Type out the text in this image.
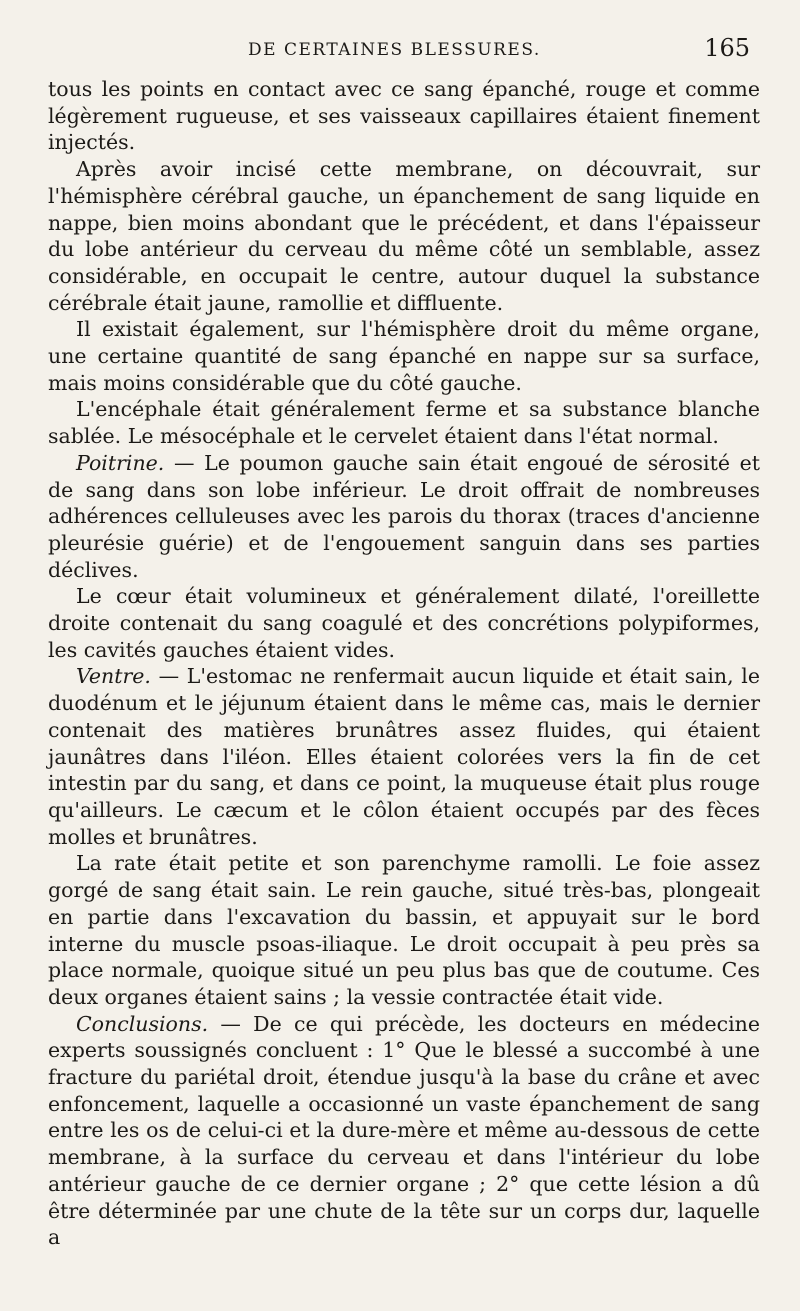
DE CERTAINES BLESSURES.	165

tous les points en contact avec ce sang épanché, rouge et comme légèrement rugueuse, et ses vaisseaux capillaires étaient finement injectés.

Après avoir incisé cette membrane, on découvrait, sur l'hémisphère cérébral gauche, un épanchement de sang liquide en nappe, bien moins abondant que le précédent, et dans l'épaisseur du lobe antérieur du cerveau du même côté un semblable, assez considérable, en occupait le centre, autour duquel la substance cérébrale était jaune, ramollie et diffluente.

Il existait également, sur l'hémisphère droit du même organe, une certaine quantité de sang épanché en nappe sur sa surface, mais moins considérable que du côté gauche.

L'encéphale était généralement ferme et sa substance blanche sablée. Le mésocéphale et le cervelet étaient dans l'état normal.

Poitrine. — Le poumon gauche sain était engoué de sérosité et de sang dans son lobe inférieur. Le droit offrait de nombreuses adhérences celluleuses avec les parois du thorax (traces d'ancienne pleurésie guérie) et de l'engouement sanguin dans ses parties déclives.

Le cœur était volumineux et généralement dilaté, l'oreillette droite contenait du sang coagulé et des concrétions polypiformes, les cavités gauches étaient vides.

Ventre. — L'estomac ne renfermait aucun liquide et était sain, le duodénum et le jéjunum étaient dans le même cas, mais le dernier contenait des matières brunâtres assez fluides, qui étaient jaunâtres dans l'iléon. Elles étaient colorées vers la fin de cet intestin par du sang, et dans ce point, la muqueuse était plus rouge qu'ailleurs. Le cæcum et le côlon étaient occupés par des fèces molles et brunâtres.

La rate était petite et son parenchyme ramolli. Le foie assez gorgé de sang était sain. Le rein gauche, situé très-bas, plongeait en partie dans l'excavation du bassin, et appuyait sur le bord interne du muscle psoas-iliaque. Le droit occupait à peu près sa place normale, quoique situé un peu plus bas que de coutume. Ces deux organes étaient sains ; la vessie contractée était vide.

Conclusions. — De ce qui précède, les docteurs en médecine experts soussignés concluent : 1° Que le blessé a succombé à une fracture du pariétal droit, étendue jusqu'à la base du crâne et avec enfoncement, laquelle a occasionné un vaste épanchement de sang entre les os de celui-ci et la dure-mère et même au-dessous de cette membrane, à la surface du cerveau et dans l'intérieur du lobe antérieur gauche de ce dernier organe ; 2° que cette lésion a dû être déterminée par une chute de la tête sur un corps dur, laquelle a
